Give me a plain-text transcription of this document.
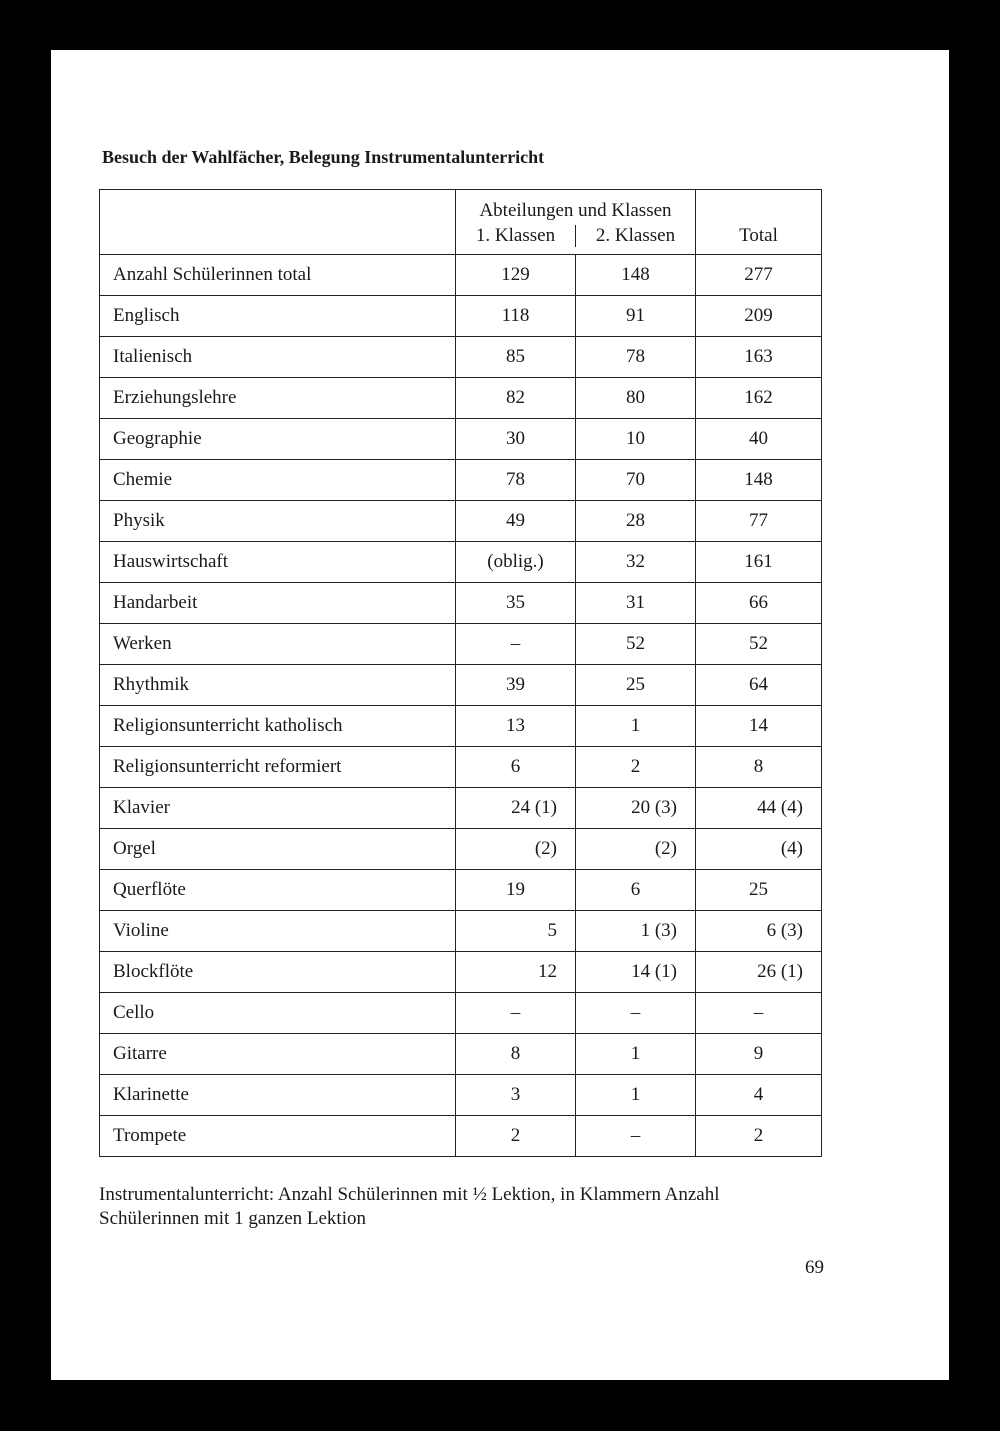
Besuch der Wahlfächer, Belegung Instrumentalunterricht

	Abteilungen und Klassen
1. Klassen 2. Klassen		Total
Anzahl Schülerinnen total	129	148	277
Englisch	118	91	209
Italienisch	85	78	163
Erziehungslehre	82	80	162
Geographie	30	10	40
Chemie	78	70	148
Physik	49	28	77
Hauswirtschaft	(oblig.)	32	161
Handarbeit	35	31	66
Werken	–	52	52
Rhythmik	39	25	64
Religionsunterricht katholisch	13	1	14
Religionsunterricht reformiert	6	2	8
Klavier	24 (1)	20 (3)	44 (4)
Orgel	(2)	(2)	(4)
Querflöte	19	6	25
Violine	5	1 (3)	6 (3)
Blockflöte	12	14 (1)	26 (1)
Cello	–	–	–
Gitarre	8	1	9
Klarinette	3	1	4
Trompete	2	–	2
Instrumentalunterricht: Anzahl Schülerinnen mit ½ Lektion, in Klammern Anzahl Schülerinnen mit 1 ganzen Lektion
69
